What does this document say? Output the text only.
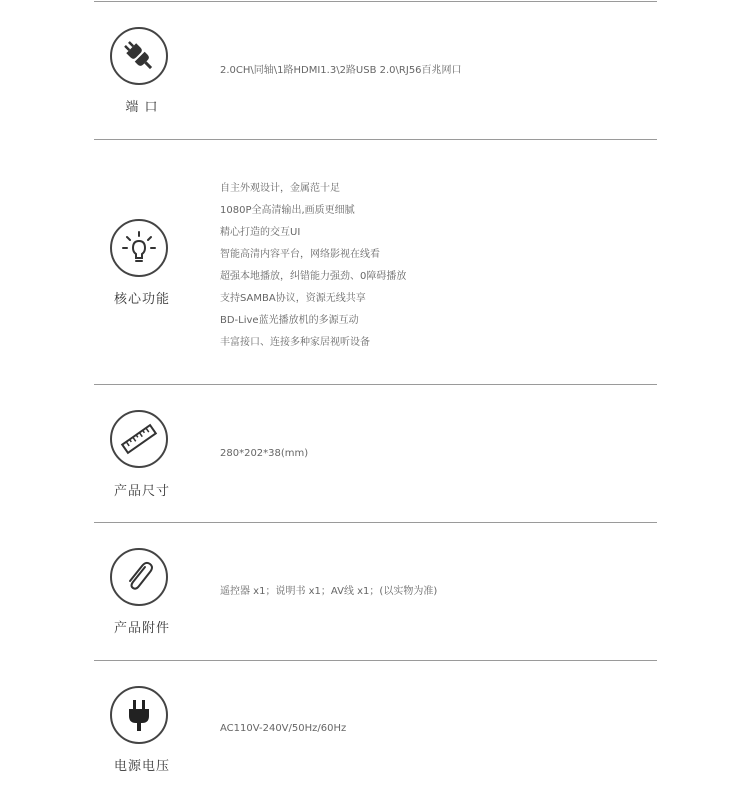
端 口
2.0CH\同轴\1路HDMI1.3\2路USB 2.0\RJ56百兆网口
核心功能
自主外观设计，金属范十足
1080P全高清输出,画质更细腻
精心打造的交互UI
智能高清内容平台，网络影视在线看
超强本地播放，纠错能力强劲、0障碍播放
支持SAMBA协议，资源无线共享
BD-Live蓝光播放机的多源互动
丰富接口、连接多种家居视听设备
产品尺寸
280*202*38(mm)
产品附件
遥控器 x1；说明书 x1；AV线 x1；(以实物为准)
电源电压
AC110V-240V/50Hz/60Hz
